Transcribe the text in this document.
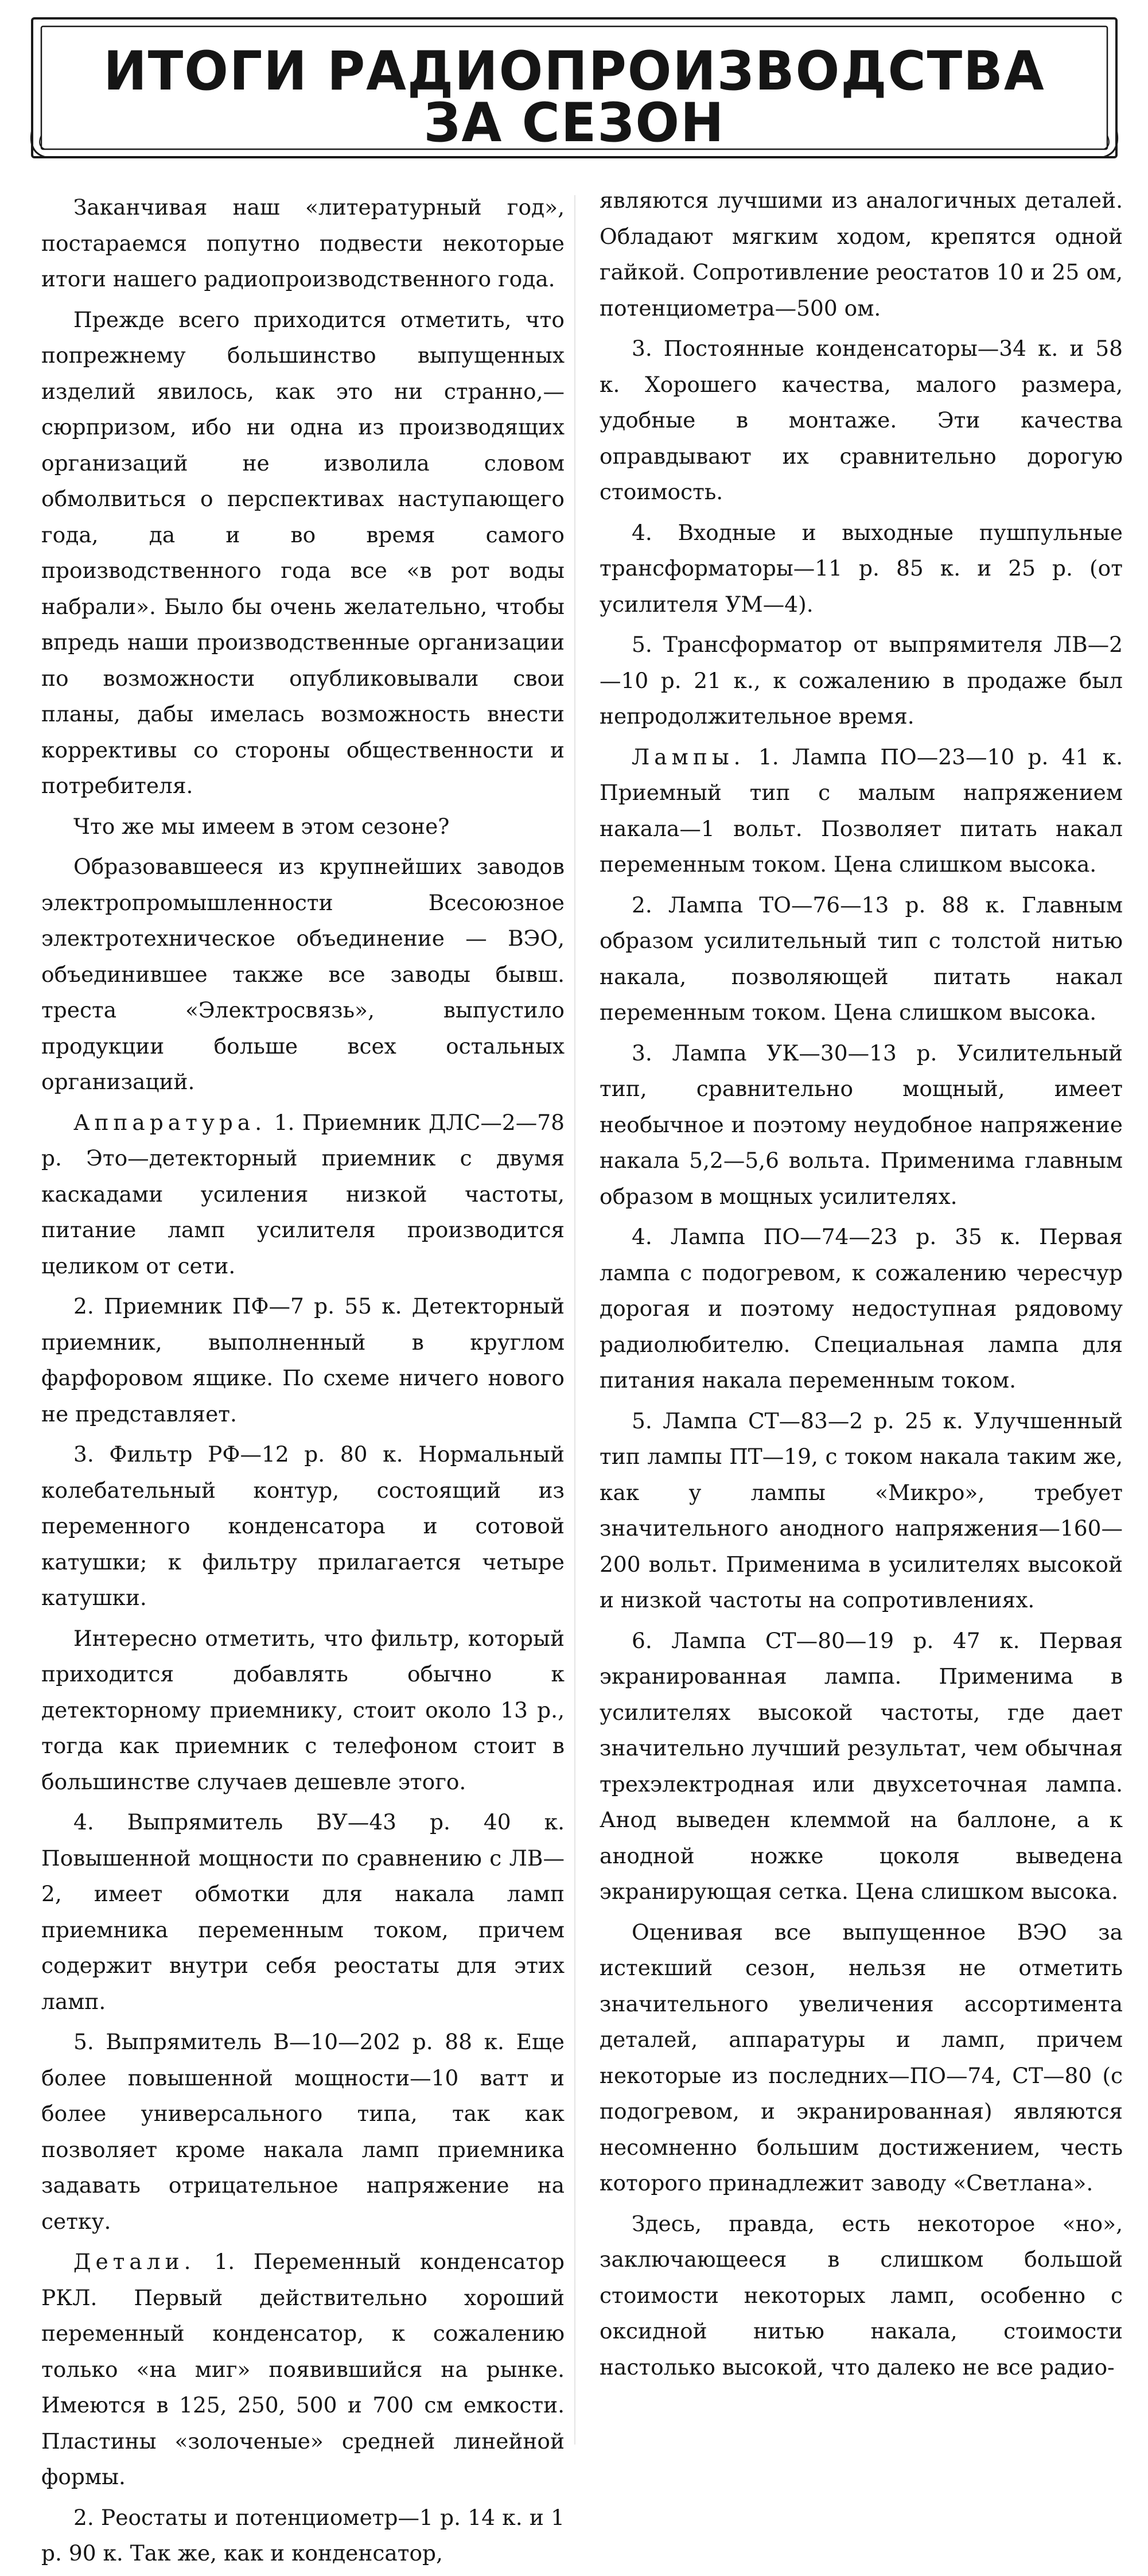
ИТОГИ РАДИОПРОИЗВОДСТВА
ЗА СЕЗОН

Заканчивая наш «литературный год», постараемся попутно подвести некоторые итоги нашего радиопроизводственного года.

Прежде всего приходится отметить, что попрежнему большинство выпущенных изделий явилось, как это ни странно,— сюрпризом, ибо ни одна из производящих организаций не изволила словом обмолвиться о перспективах наступающего года, да и во время самого производственного года все «в рот воды набрали». Было бы очень желательно, чтобы впредь наши производственные организации по возможности опубликовывали свои планы, дабы имелась возможность внести коррективы со стороны общественности и потребителя.

Что же мы имеем в этом сезоне?

Образовавшееся из крупнейших заводов электропромышленности Всесоюзное электротехническое объединение — ВЭО, объединившее также все заводы бывш. треста «Электросвязь», выпустило продукции больше всех остальных организаций.

Аппаратура. 1. Приемник ДЛС—2—78 р. Это—детекторный приемник с двумя каскадами усиления низкой частоты, питание ламп усилителя производится целиком от сети.

2. Приемник ПФ—7 р. 55 к. Детекторный приемник, выполненный в круглом фарфоровом ящике. По схеме ничего нового не представляет.

3. Фильтр РФ—12 р. 80 к. Нормальный колебательный контур, состоящий из переменного конденсатора и сотовой катушки; к фильтру прилагается четыре катушки.

Интересно отметить, что фильтр, который приходится добавлять обычно к детекторному приемнику, стоит около 13 р., тогда как приемник с телефоном стоит в большинстве случаев дешевле этого.

4. Выпрямитель ВУ—43 р. 40 к. Повышенной мощности по сравнению с ЛВ—2, имеет обмотки для накала ламп приемника переменным током, причем содержит внутри себя реостаты для этих ламп.

5. Выпрямитель В—10—202 р. 88 к. Еще более повышенной мощности—10 ватт и более универсального типа, так как позволяет кроме накала ламп приемника задавать отрицательное напряжение на сетку.

Детали. 1. Переменный конденсатор РКЛ. Первый действительно хороший переменный конденсатор, к сожалению только «на миг» появившийся на рынке. Имеются в 125, 250, 500 и 700 см емкости. Пластины «золоченые» средней линейной формы.

2. Реостаты и потенциометр—1 р. 14 к. и 1 р. 90 к. Так же, как и конденсатор,

являются лучшими из аналогичных деталей. Обладают мягким ходом, крепятся одной гайкой. Сопротивление реостатов 10 и 25 ом, потенциометра—500 ом.

3. Постоянные конденсаторы—34 к. и 58 к. Хорошего качества, малого размера, удобные в монтаже. Эти качества оправдывают их сравнительно дорогую стоимость.

4. Входные и выходные пушпульные трансформаторы—11 р. 85 к. и 25 р. (от усилителя УМ—4).

5. Трансформатор от выпрямителя ЛВ—2—10 р. 21 к., к сожалению в продаже был непродолжительное время.

Лампы. 1. Лампа ПО—23—10 р. 41 к. Приемный тип с малым напряжением накала—1 вольт. Позволяет питать накал переменным током. Цена слишком высока.

2. Лампа ТО—76—13 р. 88 к. Главным образом усилительный тип с толстой нитью накала, позволяющей питать накал переменным током. Цена слишком высока.

3. Лампа УК—30—13 р. Усилительный тип, сравнительно мощный, имеет необычное и поэтому неудобное напряжение накала 5,2—5,6 вольта. Применима главным образом в мощных усилителях.

4. Лампа ПО—74—23 р. 35 к. Первая лампа с подогревом, к сожалению чересчур дорогая и поэтому недоступная рядовому радиолюбителю. Специальная лампа для питания накала переменным током.

5. Лампа СТ—83—2 р. 25 к. Улучшенный тип лампы ПТ—19, с током накала таким же, как у лампы «Микро», требует значительного анодного напряжения—160—200 вольт. Применима в усилителях высокой и низкой частоты на сопротивлениях.

6. Лампа СТ—80—19 р. 47 к. Первая экранированная лампа. Применима в усилителях высокой частоты, где дает значительно лучший результат, чем обычная трехэлектродная или двухсеточная лампа. Анод выведен клеммой на баллоне, а к анодной ножке цоколя выведена экранирующая сетка. Цена слишком высока.

Оценивая все выпущенное ВЭО за истекший сезон, нельзя не отметить значительного увеличения ассортимента деталей, аппаратуры и ламп, причем некоторые из последних—ПО—74, СТ—80 (с подогревом, и экранированная) являются несомненно большим достижением, честь которого принадлежит заводу «Светлана».

Здесь, правда, есть некоторое «но», заключающееся в слишком большой стоимости некоторых ламп, особенно с оксидной нитью накала, стоимости настолько высокой, что далеко не все радио-
